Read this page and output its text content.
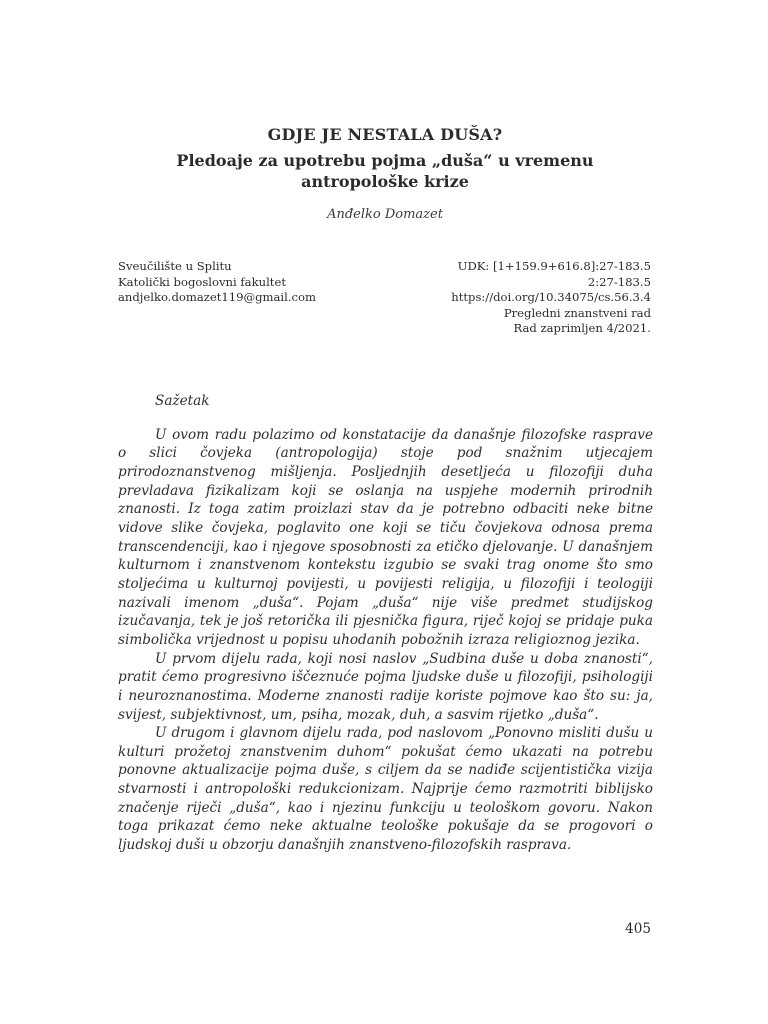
GDJE JE NESTALA DUŠA?
Pledoaje za upotrebu pojma „duša“ u vremenu
antropološke krize
Anđelko Domazet
Sveučilište u Splitu
Katolički bogoslovni fakultet
andjelko.domazet119@gmail.com
UDK: [1+159.9+616.8]:27-183.5
2:27-183.5
https://doi.org/10.34075/cs.56.3.4
Pregledni znanstveni rad
Rad zaprimljen 4/2021.
Sažetak

U ovom radu polazimo od konstatacije da današnje filozofske rasprave o slici čovjeka (antropologija) stoje pod snažnim utjecajem prirodoznanstvenog mišljenja. Posljednjih desetljeća u filozofiji duha prevladava fizikalizam koji se oslanja na uspjehe modernih prirodnih znanosti. Iz toga zatim proizlazi stav da je potrebno odbaciti neke bitne vidove slike čovjeka, poglavito one koji se tiču čovjekova odnosa prema transcendenciji, kao i njegove sposobnosti za etičko djelovanje. U današnjem kulturnom i znanstvenom kontekstu izgubio se svaki trag onome što smo stoljećima u kulturnoj povijesti, u povijesti religija, u filozofiji i teologiji nazivali imenom „duša“. Pojam „duša“ nije više predmet studijskog izučavanja, tek je još retorička ili pjesnička figura, riječ kojoj se pridaje puka simbolička vrijednost u popisu uhodanih pobožnih izraza religioznog jezika.

U prvom dijelu rada, koji nosi naslov „Sudbina duše u doba znanosti“, pratit ćemo progresivno iščeznuće pojma ljudske duše u filozofiji, psihologiji i neuroznanostima. Moderne znanosti radije koriste pojmove kao što su: ja, svijest, subjektivnost, um, psiha, mozak, duh, a sasvim rijetko „duša“.

U drugom i glavnom dijelu rada, pod naslovom „Ponovno misliti dušu u kulturi prožetoj znanstvenim duhom“ pokušat ćemo ukazati na potrebu ponovne aktualizacije pojma duše, s ciljem da se nadiđe scijentistička vizija stvarnosti i antropološki redukcionizam. Najprije ćemo razmotriti biblijsko značenje riječi „duša“, kao i njezinu funkciju u teološkom govoru. Nakon toga prikazat ćemo neke aktualne teološke pokušaje da se progovori o ljudskoj duši u obzorju današnjih znanstveno-filozofskih rasprava.

405
